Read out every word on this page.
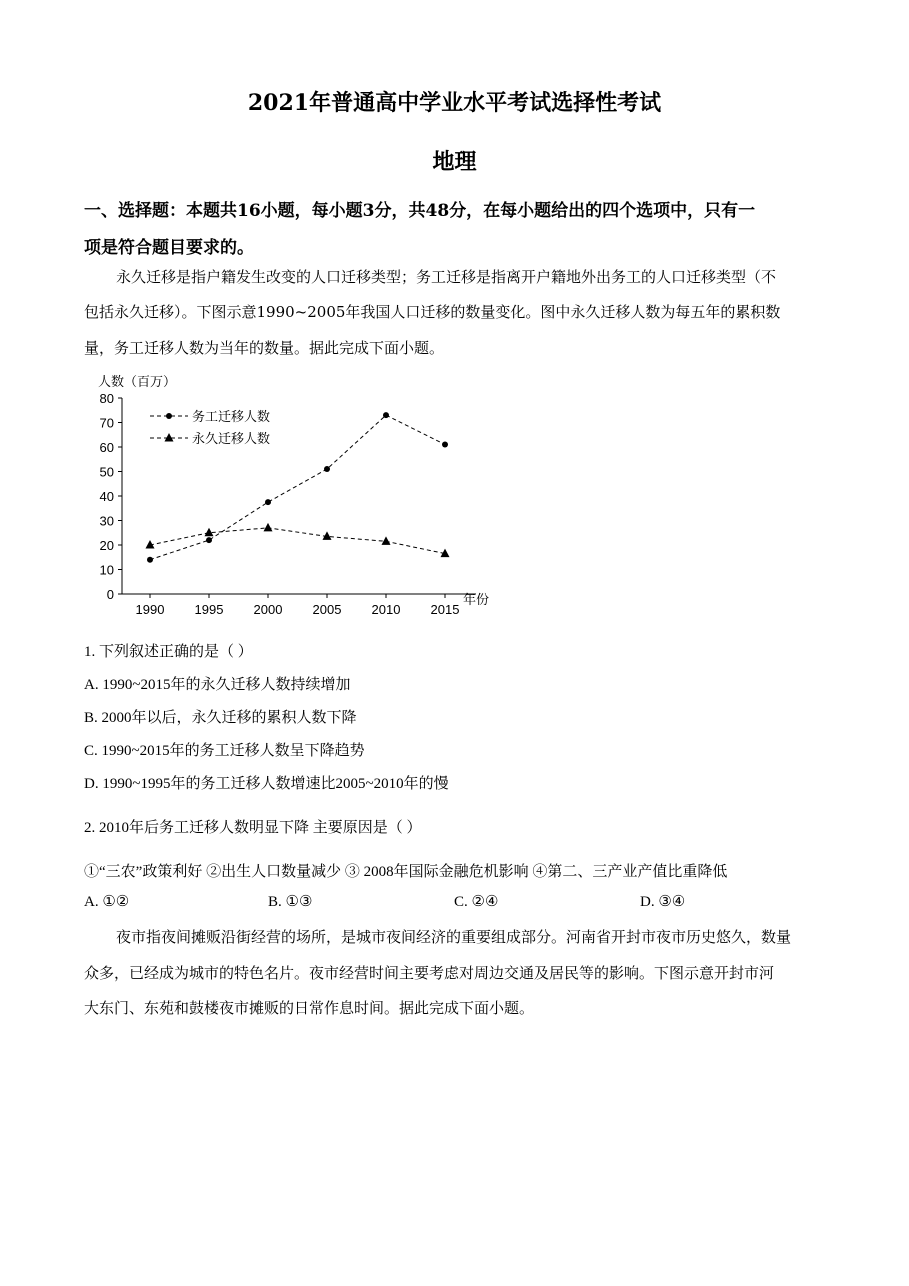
2021年普通高中学业水平考试选择性考试
地理
一、选择题：本题共16小题，每小题3分，共48分，在每小题给出的四个选项中，只有一
项是符合题目要求的。
永久迁移是指户籍发生改变的人口迁移类型；务工迁移是指离开户籍地外出务工的人口迁移类型（不
包括永久迁移）。下图示意1990~2005年我国人口迁移的数量变化。图中永久迁移人数为每五年的累积数
量，务工迁移人数为当年的数量。据此完成下面小题。
80
70
60
50
40
30
20
10
0
1990 1995 2000 2005 2010 2015
人数（百万）
年份
务工迁移人数
永久迁移人数
1. 下列叙述正确的是（ ）
A. 1990~2015年的永久迁移人数持续增加
B. 2000年以后，永久迁移的累积人数下降
C. 1990~2015年的务工迁移人数呈下降趋势
D. 1990~1995年的务工迁移人数增速比2005~2010年的慢
2. 2010年后务工迁移人数明显下降 主要原因是（ ）
①“三农”政策利好 ②出生人口数量减少 ③ 2008年国际金融危机影响 ④第二、三产业产值比重降低
A. ①②	B. ①③	C. ②④	D. ③④
夜市指夜间摊贩沿街经营的场所，是城市夜间经济的重要组成部分。河南省开封市夜市历史悠久，数量
众多，已经成为城市的特色名片。夜市经营时间主要考虑对周边交通及居民等的影响。下图示意开封市河
大东门、东苑和鼓楼夜市摊贩的日常作息时间。据此完成下面小题。
